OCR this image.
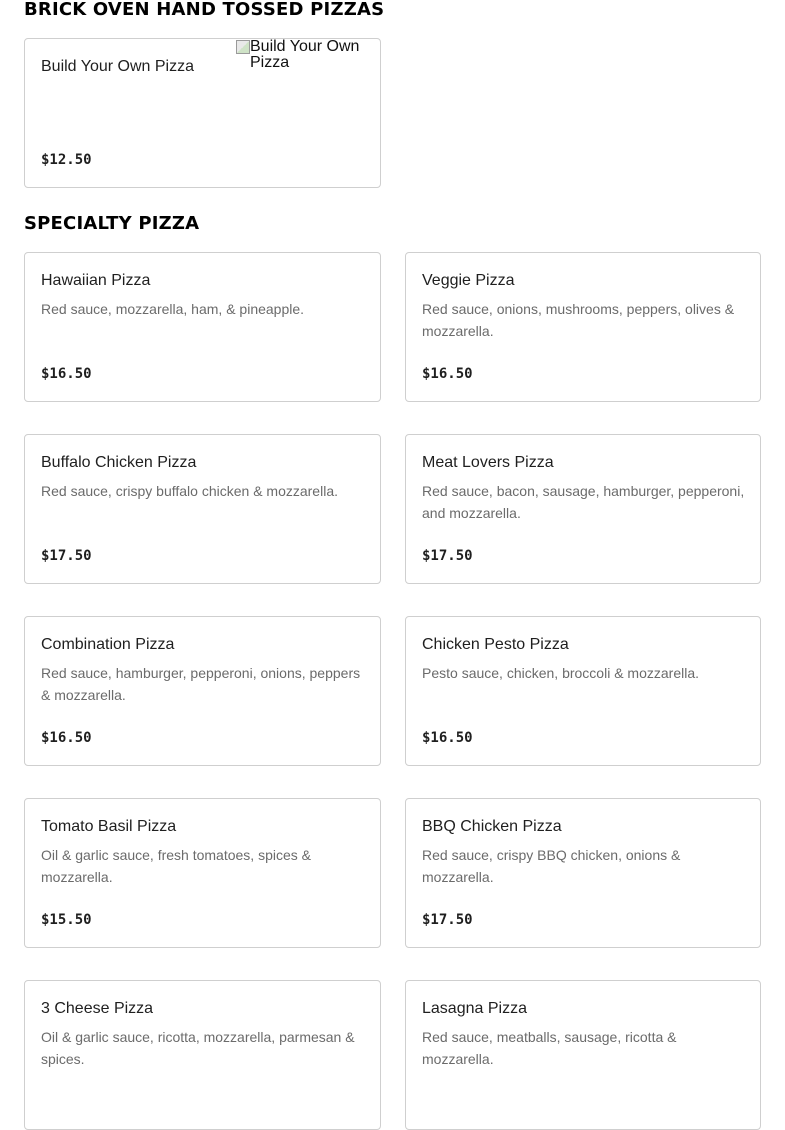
BRICK OVEN HAND TOSSED PIZZAS
Build Your Own Pizza
Build Your Own Pizza
$12.50
SPECIALTY PIZZA
Hawaiian Pizza
Red sauce, mozzarella, ham, & pineapple.
$16.50
Veggie Pizza
Red sauce, onions, mushrooms, peppers, olives & mozzarella.
$16.50
Buffalo Chicken Pizza
Red sauce, crispy buffalo chicken & mozzarella.
$17.50
Meat Lovers Pizza
Red sauce, bacon, sausage, hamburger, pepperoni, and mozzarella.
$17.50
Combination Pizza
Red sauce, hamburger, pepperoni, onions, peppers & mozzarella.
$16.50
Chicken Pesto Pizza
Pesto sauce, chicken, broccoli & mozzarella.
$16.50
Tomato Basil Pizza
Oil & garlic sauce, fresh tomatoes, spices & mozzarella.
$15.50
BBQ Chicken Pizza
Red sauce, crispy BBQ chicken, onions & mozzarella.
$17.50
3 Cheese Pizza
Oil & garlic sauce, ricotta, mozzarella, parmesan & spices.
Lasagna Pizza
Red sauce, meatballs, sausage, ricotta & mozzarella.
